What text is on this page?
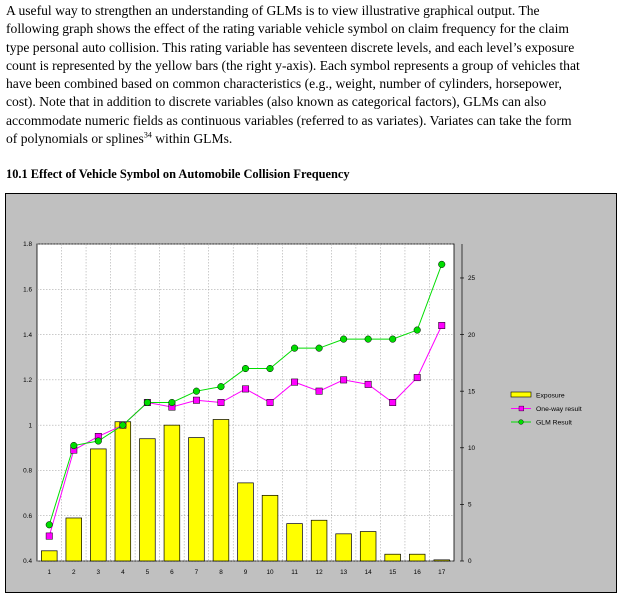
A useful way to strengthen an understanding of GLMs is to view illustrative graphical output. The
following graph shows the effect of the rating variable vehicle symbol on claim frequency for the claim
type personal auto collision. This rating variable has seventeen discrete levels, and each level’s exposure
count is represented by the yellow bars (the right y-axis). Each symbol represents a group of vehicles that
have been combined based on common characteristics (e.g., weight, number of cylinders, horsepower,
cost). Note that in addition to discrete variables (also known as categorical factors), GLMs can also
accommodate numeric fields as continuous variables (referred to as variates). Variates can take the form
of polynomials or splines$^{34}$ within GLMs.

10.1 Effect of Vehicle Symbol on Automobile Collision Frequency
0.4
0.6
0.8
1
1.2
1.4
1.6
1.8
0
5
10
15
20
25
1	2	3	4	5	6	7	8	9	10	11	12	13	14	15	16	17
Exposure
One-way result
GLM Result
